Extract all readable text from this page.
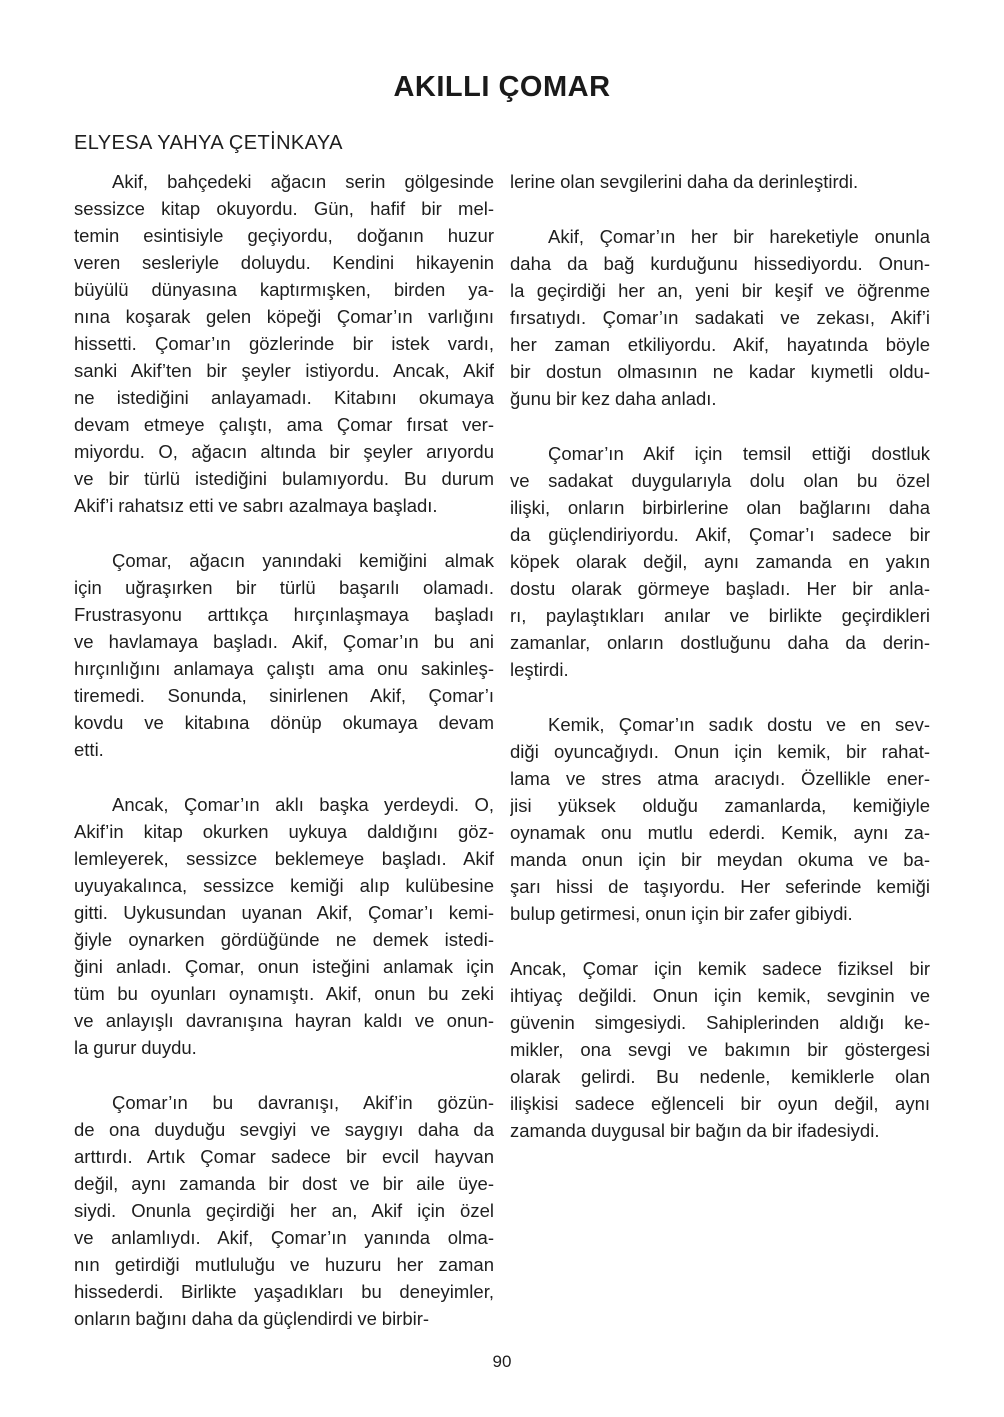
AKILLI ÇOMAR
ELYESA YAHYA ÇETİNKAYA
Akif, bahçedeki ağacın serin gölgesinde
sessizce kitap okuyordu. Gün, hafif bir mel-
temin esintisiyle geçiyordu, doğanın huzur
veren sesleriyle doluydu. Kendini hikayenin
büyülü dünyasına kaptırmışken, birden ya-
nına koşarak gelen köpeği Çomar’ın varlığını
hissetti. Çomar’ın gözlerinde bir istek vardı,
sanki Akif’ten bir şeyler istiyordu. Ancak, Akif
ne istediğini anlayamadı. Kitabını okumaya
devam etmeye çalıştı, ama Çomar fırsat ver-
miyordu. O, ağacın altında bir şeyler arıyordu
ve bir türlü istediğini bulamıyordu. Bu durum
Akif’i rahatsız etti ve sabrı azalmaya başladı.
Çomar, ağacın yanındaki kemiğini almak
için uğraşırken bir türlü başarılı olamadı.
Frustrasyonu arttıkça hırçınlaşmaya başladı
ve havlamaya başladı. Akif, Çomar’ın bu ani
hırçınlığını anlamaya çalıştı ama onu sakinleş-
tiremedi. Sonunda, sinirlenen Akif, Çomar’ı
kovdu ve kitabına dönüp okumaya devam
etti.
Ancak, Çomar’ın aklı başka yerdeydi. O,
Akif’in kitap okurken uykuya daldığını göz-
lemleyerek, sessizce beklemeye başladı. Akif
uyuyakalınca, sessizce kemiği alıp kulübesine
gitti. Uykusundan uyanan Akif, Çomar’ı kemi-
ğiyle oynarken gördüğünde ne demek istedi-
ğini anladı. Çomar, onun isteğini anlamak için
tüm bu oyunları oynamıştı. Akif, onun bu zeki
ve anlayışlı davranışına hayran kaldı ve onun-
la gurur duydu.
Çomar’ın bu davranışı, Akif’in gözün-
de ona duyduğu sevgiyi ve saygıyı daha da
arttırdı. Artık Çomar sadece bir evcil hayvan
değil, aynı zamanda bir dost ve bir aile üye-
siydi. Onunla geçirdiği her an, Akif için özel
ve anlamlıydı. Akif, Çomar’ın yanında olma-
nın getirdiği mutluluğu ve huzuru her zaman
hissederdi. Birlikte yaşadıkları bu deneyimler,
onların bağını daha da güçlendirdi ve birbir-
lerine olan sevgilerini daha da derinleştirdi.
Akif, Çomar’ın her bir hareketiyle onunla
daha da bağ kurduğunu hissediyordu. Onun-
la geçirdiği her an, yeni bir keşif ve öğrenme
fırsatıydı. Çomar’ın sadakati ve zekası, Akif’i
her zaman etkiliyordu. Akif, hayatında böyle
bir dostun olmasının ne kadar kıymetli oldu-
ğunu bir kez daha anladı.
Çomar’ın Akif için temsil ettiği dostluk
ve sadakat duygularıyla dolu olan bu özel
ilişki, onların birbirlerine olan bağlarını daha
da güçlendiriyordu. Akif, Çomar’ı sadece bir
köpek olarak değil, aynı zamanda en yakın
dostu olarak görmeye başladı. Her bir anla-
rı, paylaştıkları anılar ve birlikte geçirdikleri
zamanlar, onların dostluğunu daha da derin-
leştirdi.
Kemik, Çomar’ın sadık dostu ve en sev-
diği oyuncağıydı. Onun için kemik, bir rahat-
lama ve stres atma aracıydı. Özellikle ener-
jisi yüksek olduğu zamanlarda, kemiğiyle
oynamak onu mutlu ederdi. Kemik, aynı za-
manda onun için bir meydan okuma ve ba-
şarı hissi de taşıyordu. Her seferinde kemiği
bulup getirmesi, onun için bir zafer gibiydi.
Ancak, Çomar için kemik sadece fiziksel bir
ihtiyaç değildi. Onun için kemik, sevginin ve
güvenin simgesiydi. Sahiplerinden aldığı ke-
mikler, ona sevgi ve bakımın bir göstergesi
olarak gelirdi. Bu nedenle, kemiklerle olan
ilişkisi sadece eğlenceli bir oyun değil, aynı
zamanda duygusal bir bağın da bir ifadesiydi.
90
